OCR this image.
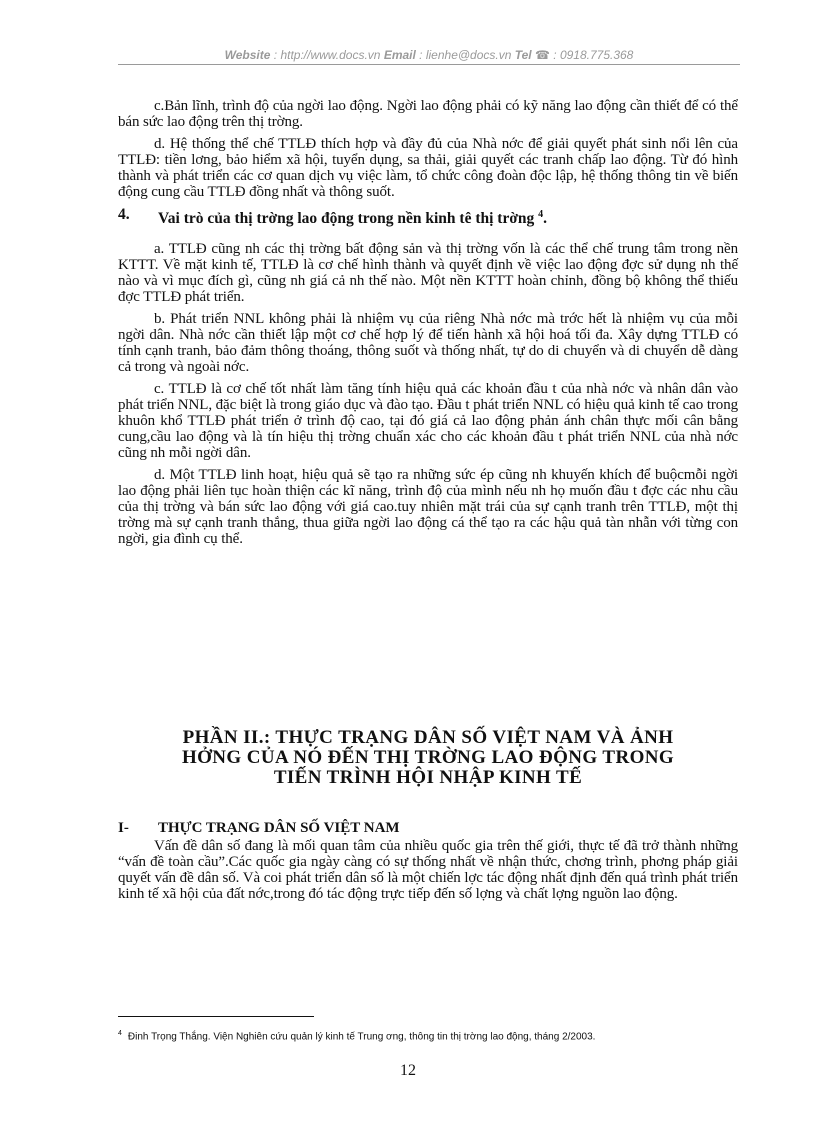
Website : http://www.docs.vn Email : lienhe@docs.vn Tel ☎ : 0918.775.368

c.Bản lĩnh, trình độ của ngời lao động. Ngời lao động phải có kỹ năng lao động cần thiết để có thể bán sức lao động trên thị trờng.

d. Hệ thống thể chế TTLĐ thích hợp và đầy đủ của Nhà nớc để giải quyết phát sinh nổi lên của TTLĐ: tiền lơng, bảo hiểm xã hội, tuyển dụng, sa thải, giải quyết các tranh chấp lao động. Từ đó hình thành và phát triển các cơ quan dịch vụ việc làm, tổ chức công đoàn độc lập, hệ thống thông tin về biến động cung cầu TTLĐ đồng nhất và thông suốt.

4.	Vai trò của thị trờng lao động trong nền kinh tê thị trờng $^4$.

a. TTLĐ cũng nh các thị trờng bất động sản và thị trờng vốn là các thể chế trung tâm trong nền KTTT. Về mặt kinh tế, TTLĐ là cơ chế hình thành và quyết định về việc lao động đợc sử dụng nh thế nào và vì mục đích gì, cũng nh giá cả nh thế nào. Một nền KTTT hoàn chỉnh, đồng bộ không thể thiếu đợc TTLĐ phát triển.

b. Phát triển NNL không phải là nhiệm vụ của riêng Nhà nớc mà trớc hết là nhiệm vụ của mỗi ngời dân. Nhà nớc cần thiết lập một cơ chế hợp lý để tiến hành xã hội hoá tối đa. Xây dựng TTLĐ có tính cạnh tranh, bảo đảm thông thoáng, thông suốt và thống nhất, tự do di chuyển và di chuyển dễ dàng cả trong và ngoài nớc.

c. TTLĐ là cơ chế tốt nhất làm tăng tính hiệu quả các khoản đầu t của nhà nớc và nhân dân vào phát triển NNL, đặc biệt là trong giáo dục và đào tạo. Đầu t phát triển NNL có hiệu quả kinh tế cao trong khuôn khổ TTLĐ phát triển ở trình độ cao, tại đó giá cả lao động phản ánh chân thực mối cân bằng cung,cầu lao động và là tín hiệu thị trờng chuẩn xác cho các khoản đầu t phát triển NNL của nhà nớc cũng nh mỗi ngời dân.

d. Một TTLĐ linh hoạt, hiệu quả sẽ tạo ra những sức ép cũng nh khuyến khích để buộcmỗi ngời lao động phải liên tục hoàn thiện các kĩ năng, trình độ của mình nếu nh họ muốn đầu t đợc các nhu cầu của thị trờng và bán sức lao động với giá cao.tuy nhiên mặt trái của sự cạnh tranh trên TTLĐ, một thị trờng mà sự cạnh tranh thắng, thua giữa ngời lao động cá thể tạo ra các hậu quả tàn nhẫn với từng con ngời, gia đình cụ thể.

PHẦN II.: THỰC TRẠNG DÂN SỐ VIỆT NAM VÀ ẢNH
HỞNG CỦA NÓ ĐẾN THỊ TRỜNG LAO ĐỘNG TRONG
TIẾN TRÌNH HỘI NHẬP KINH TẾ
I-	THỰC TRẠNG DÂN SỐ VIỆT NAM

Vấn đề dân số đang là mối quan tâm của nhiều quốc gia trên thế giới, thực tế đã trở thành những “vấn đề toàn cầu”.Các quốc gia ngày càng có sự thống nhất về nhận thức, chơng trình, phơng pháp giải quyết vấn đề dân số. Và coi phát triển dân số là một chiến lợc tác động nhất định đến quá trình phát triển kinh tế xã hội của đất nớc,trong đó tác động trực tiếp đến số lợng và chất lợng nguồn lao động.

$^4$ Đinh Trọng Thắng. Viện Nghiên cứu quản lý kinh tế Trung ơng, thông tin thị trờng lao động, tháng 2/2003.
12
